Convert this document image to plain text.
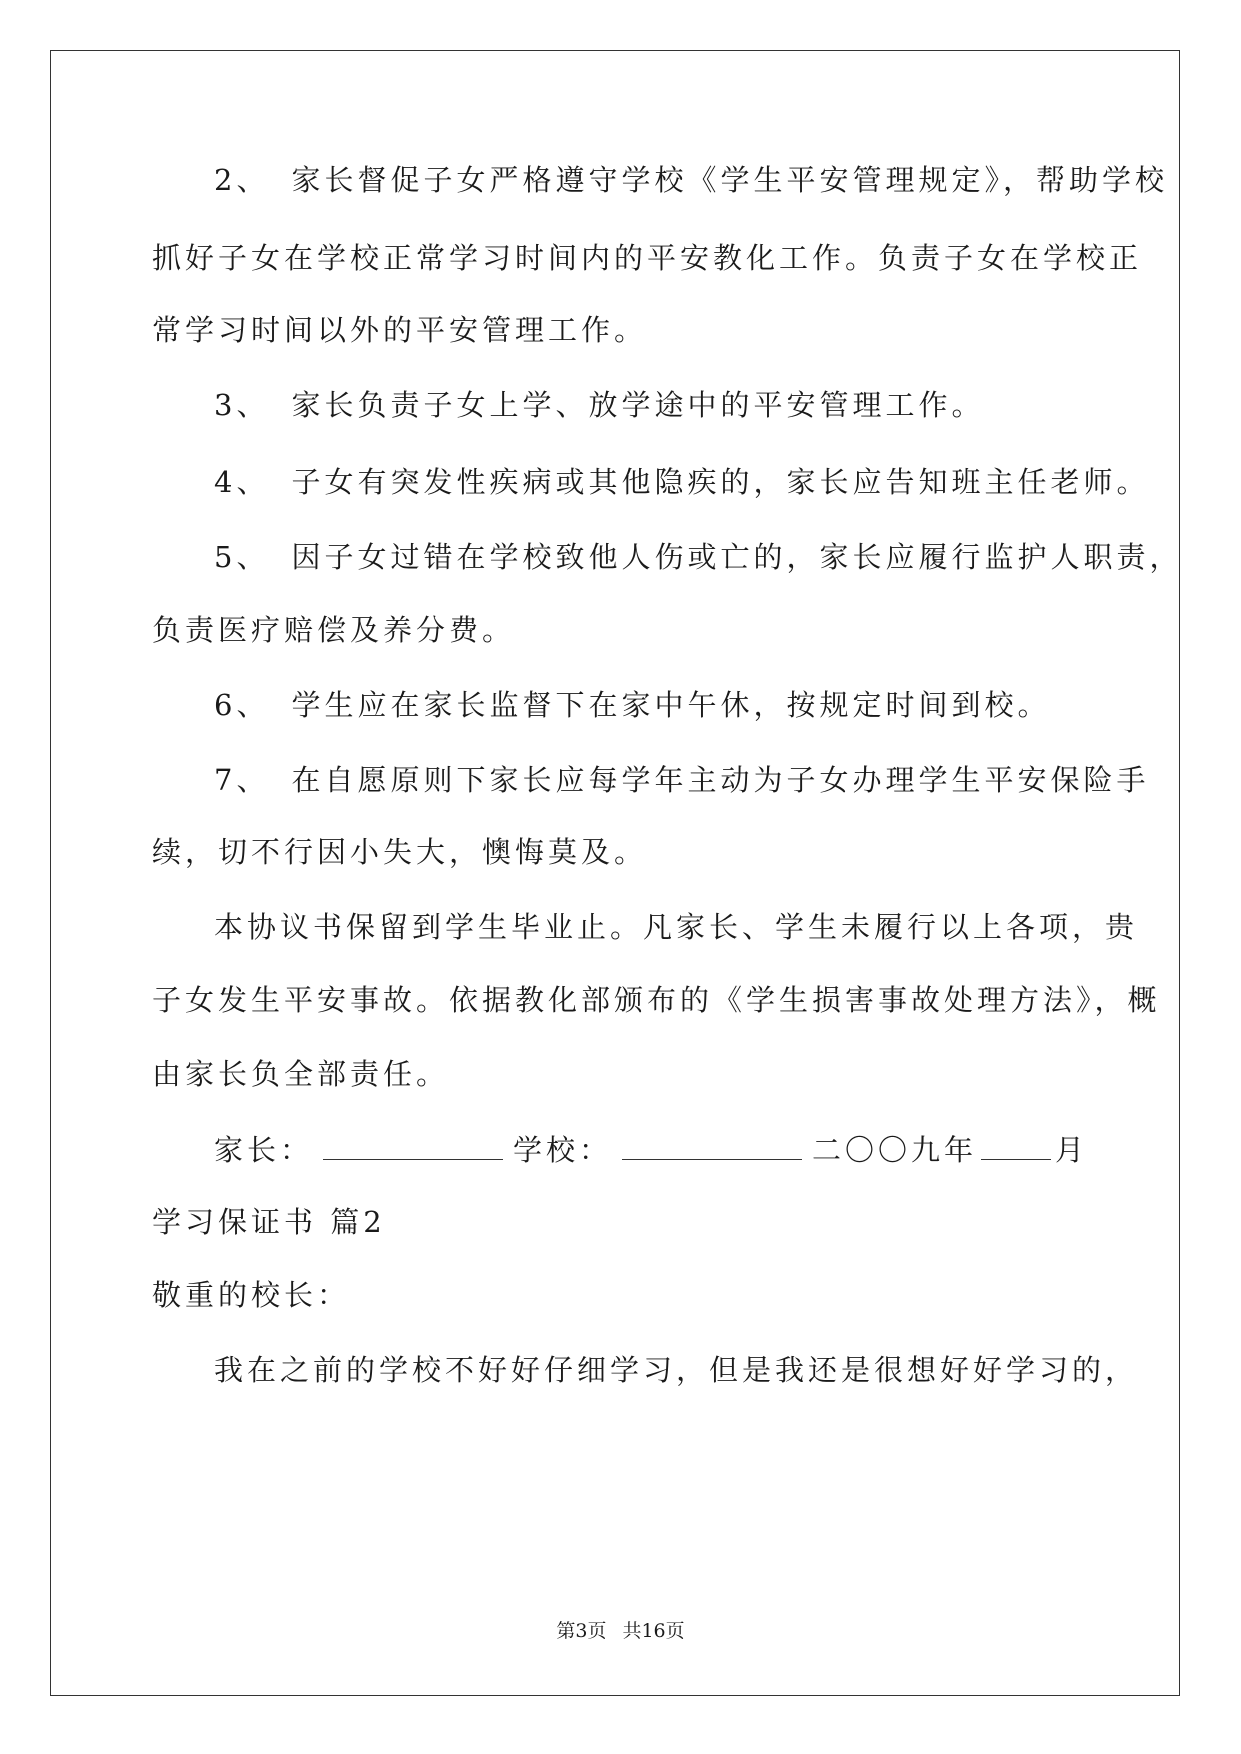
2、 家长督促子女严格遵守学校《学生平安管理规定》，帮助学校
抓好子女在学校正常学习时间内的平安教化工作。负责子女在学校正
常学习时间以外的平安管理工作。
3、 家长负责子女上学、放学途中的平安管理工作。
4、 子女有突发性疾病或其他隐疾的，家长应告知班主任老师。
5、 因子女过错在学校致他人伤或亡的，家长应履行监护人职责，
负责医疗赔偿及养分费。
6、 学生应在家长监督下在家中午休，按规定时间到校。
7、 在自愿原则下家长应每学年主动为子女办理学生平安保险手
续，切不行因小失大，懊悔莫及。
本协议书保留到学生毕业止。凡家长、学生未履行以上各项，贵
子女发生平安事故。依据教化部颁布的《学生损害事故处理方法》，概
由家长负全部责任。
家长：	学校：	二〇〇九年	月
学习保证书 篇2
敬重的校长：
我在之前的学校不好好仔细学习，但是我还是很想好好学习的，
第3页 共16页
